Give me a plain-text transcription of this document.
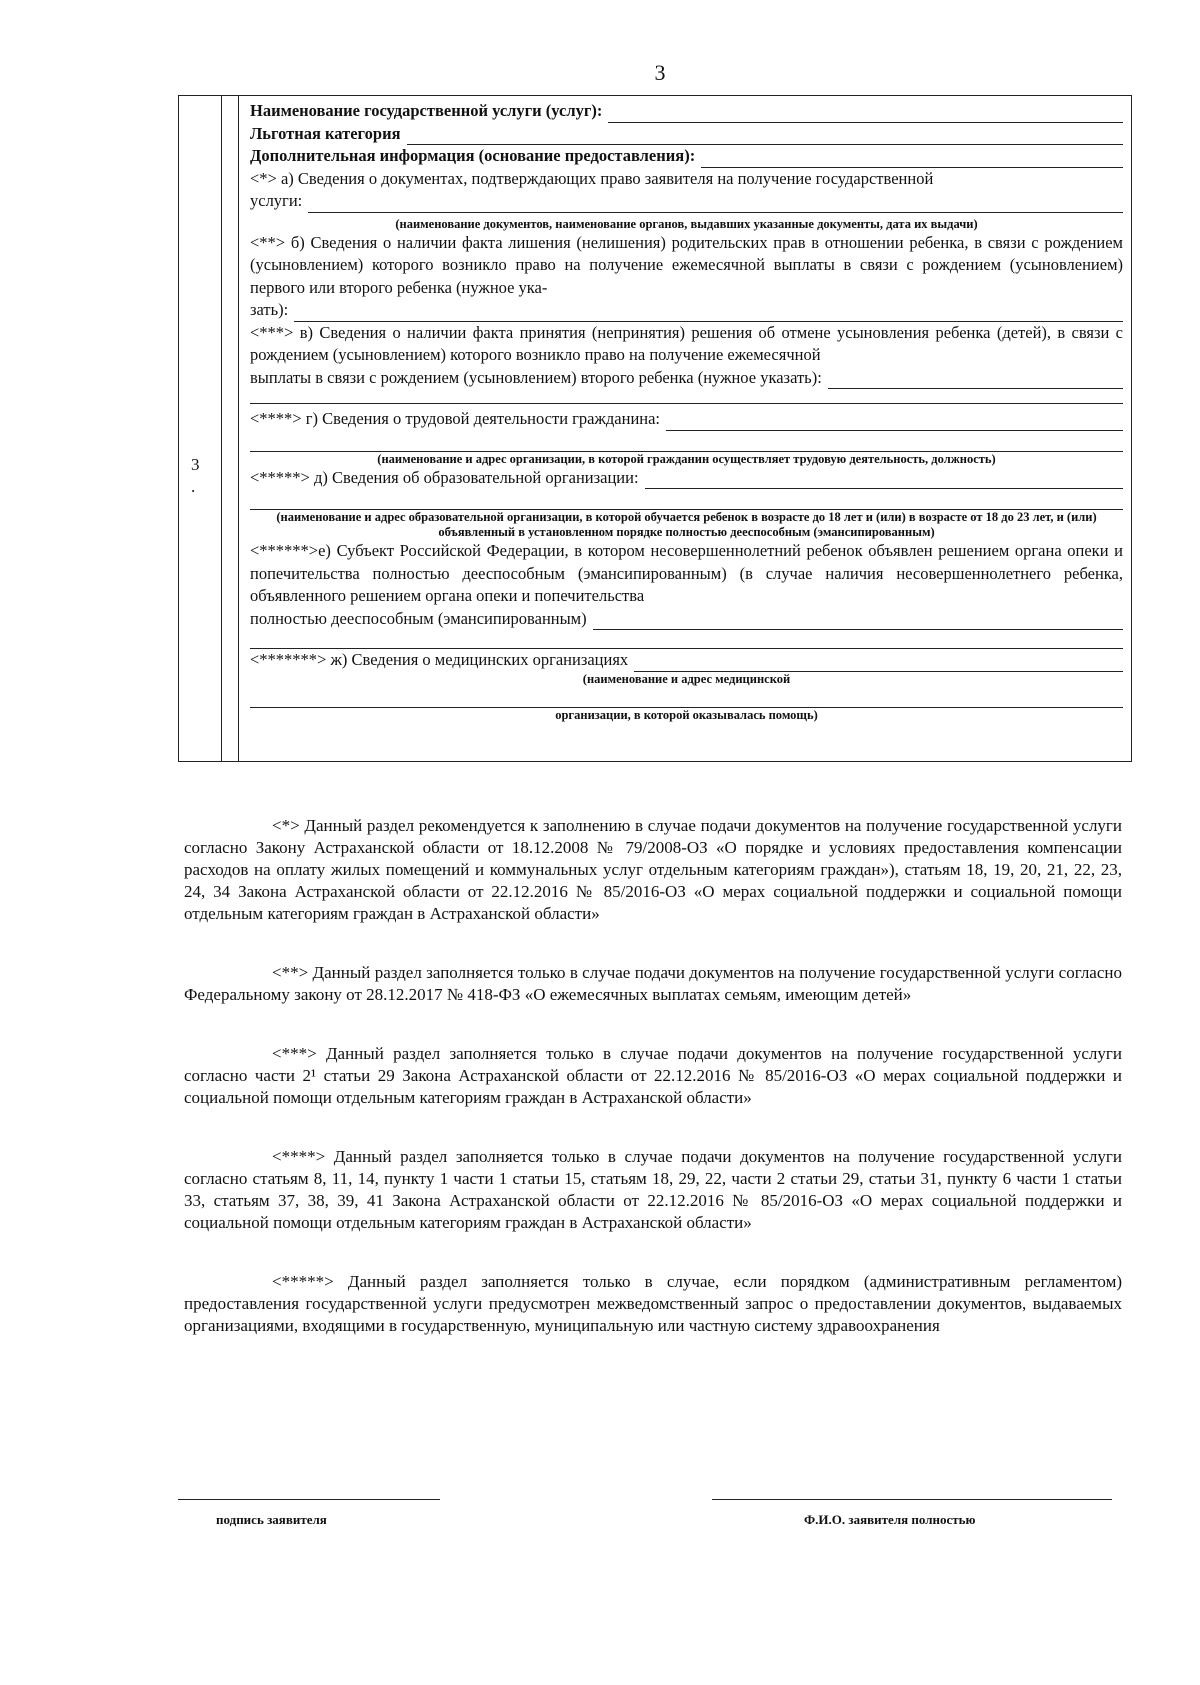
3
3
.
Наименование государственной услуги (услуг):
Льготная категория
Дополнительная информация (основание предоставления):

<*> а) Сведения о документах, подтверждающих право заявителя на получение государственной

услуги:
(наименование документов, наименование органов, выдавших указанные документы, дата их выдачи)

<**> б) Сведения о наличии факта лишения (нелишения) родительских прав в отношении ребенка, в связи с рождением (усыновлением) которого возникло право на получение ежемесячной выплаты в связи с рождением (усыновлением) первого или второго ребенка (нужное ука-

зать):

<***> в) Сведения о наличии факта принятия (непринятия) решения об отмене усыновления ребенка (детей), в связи с рождением (усыновлением) которого возникло право на получение ежемесячной

выплаты в связи с рождением (усыновлением) второго ребенка (нужное указать):
<****> г) Сведения о трудовой деятельности гражданина:
(наименование и адрес организации, в которой гражданин осуществляет трудовую деятельность, должность)
<*****> д) Сведения об образовательной организации:
(наименование и адрес образовательной организации, в которой обучается ребенок в возрасте до 18 лет и (или) в возрасте от 18 до 23 лет, и (или) объявленный в установленном порядке полностью дееспособным (эмансипированным)

<******>е) Субъект Российской Федерации, в котором несовершеннолетний ребенок объявлен решением органа опеки и попечительства полностью дееспособным (эмансипированным) (в случае наличия несовершеннолетнего ребенка, объявленного решением органа опеки и попечительства

полностью дееспособным (эмансипированным)
<*******> ж) Сведения о медицинских организациях
(наименование и адрес медицинской
организации, в которой оказывалась помощь)

<*> Данный раздел рекомендуется к заполнению в случае подачи документов на получение государственной услуги согласно Закону Астраханской области от 18.12.2008 № 79/2008-ОЗ «О порядке и условиях предоставления компенсации расходов на оплату жилых помещений и коммунальных услуг отдельным категориям граждан»), статьям 18, 19, 20, 21, 22, 23, 24, 34 Закона Астраханской области от 22.12.2016 № 85/2016-ОЗ «О мерах социальной поддержки и социальной помощи отдельным категориям граждан в Астраханской области»

<**> Данный раздел заполняется только в случае подачи документов на получение государственной услуги согласно Федеральному закону от 28.12.2017 № 418-ФЗ «О ежемесячных выплатах семьям, имеющим детей»

<***> Данный раздел заполняется только в случае подачи документов на получение государственной услуги согласно части 2¹ статьи 29 Закона Астраханской области от 22.12.2016 № 85/2016-ОЗ «О мерах социальной поддержки и социальной помощи отдельным категориям граждан в Астраханской области»

<****> Данный раздел заполняется только в случае подачи документов на получение государственной услуги согласно статьям 8, 11, 14, пункту 1 части 1 статьи 15, статьям 18, 29, 22, части 2 статьи 29, статьи 31, пункту 6 части 1 статьи 33, статьям 37, 38, 39, 41 Закона Астраханской области от 22.12.2016 № 85/2016-ОЗ «О мерах социальной поддержки и социальной помощи отдельным категориям граждан в Астраханской области»

<*****> Данный раздел заполняется только в случае, если порядком (административным регламентом) предоставления государственной услуги предусмотрен межведомственный запрос о предоставлении документов, выдаваемых организациями, входящими в государственную, муниципальную или частную систему здравоохранения

подпись заявителя	Ф.И.О. заявителя полностью
